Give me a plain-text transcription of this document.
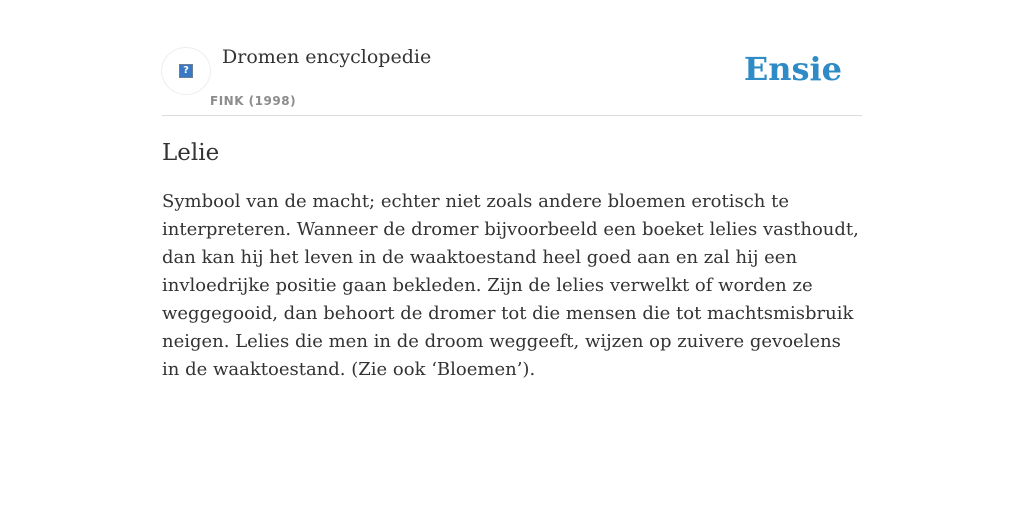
?
Dromen encyclopedie
FINK (1998)
Ensie
Lelie

Symbool van de macht; echter niet zoals andere bloemen erotisch te interpreteren. Wanneer de dromer bijvoorbeeld een boeket lelies vasthoudt, dan kan hij het leven in de waaktoestand heel goed aan en zal hij een invloedrijke positie gaan bekleden. Zijn de lelies verwelkt of worden ze weggegooid, dan behoort de dromer tot die mensen die tot machtsmisbruik neigen. Lelies die men in de droom weggeeft, wijzen op zuivere gevoelens in de waaktoestand. (Zie ook ‘Bloemen’).
